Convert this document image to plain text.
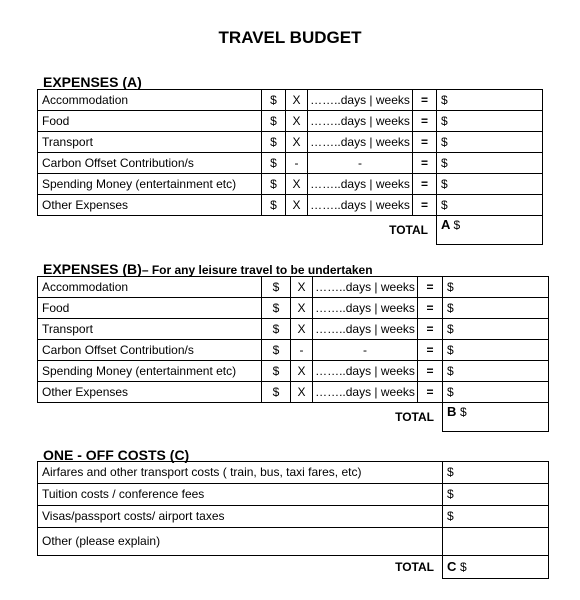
TRAVEL BUDGET
EXPENSES (A)
Accommodation	$	X	……..days | weeks	=	$
Food	$	X	……..days | weeks	=	$
Transport	$	X	……..days | weeks	=	$
Carbon Offset Contribution/s	$	-	-	=	$
Spending Money (entertainment etc)	$	X	……..days | weeks	=	$
Other Expenses	$	X	……..days | weeks	=	$
			TOTAL		A $
EXPENSES (B)– For any leisure travel to be undertaken
Accommodation	$	X	……..days | weeks	=	$
Food	$	X	……..days | weeks	=	$
Transport	$	X	……..days | weeks	=	$
Carbon Offset Contribution/s	$	-	-	=	$
Spending Money (entertainment etc)	$	X	……..days | weeks	=	$
Other Expenses	$	X	……..days | weeks	=	$
			TOTAL		B $
ONE - OFF COSTS (C)
Airfares and other transport costs ( train, bus, taxi fares, etc)	$
Tuition costs / conference fees	$
Visas/passport costs/ airport taxes	$
Other (please explain)	
TOTAL	C $
